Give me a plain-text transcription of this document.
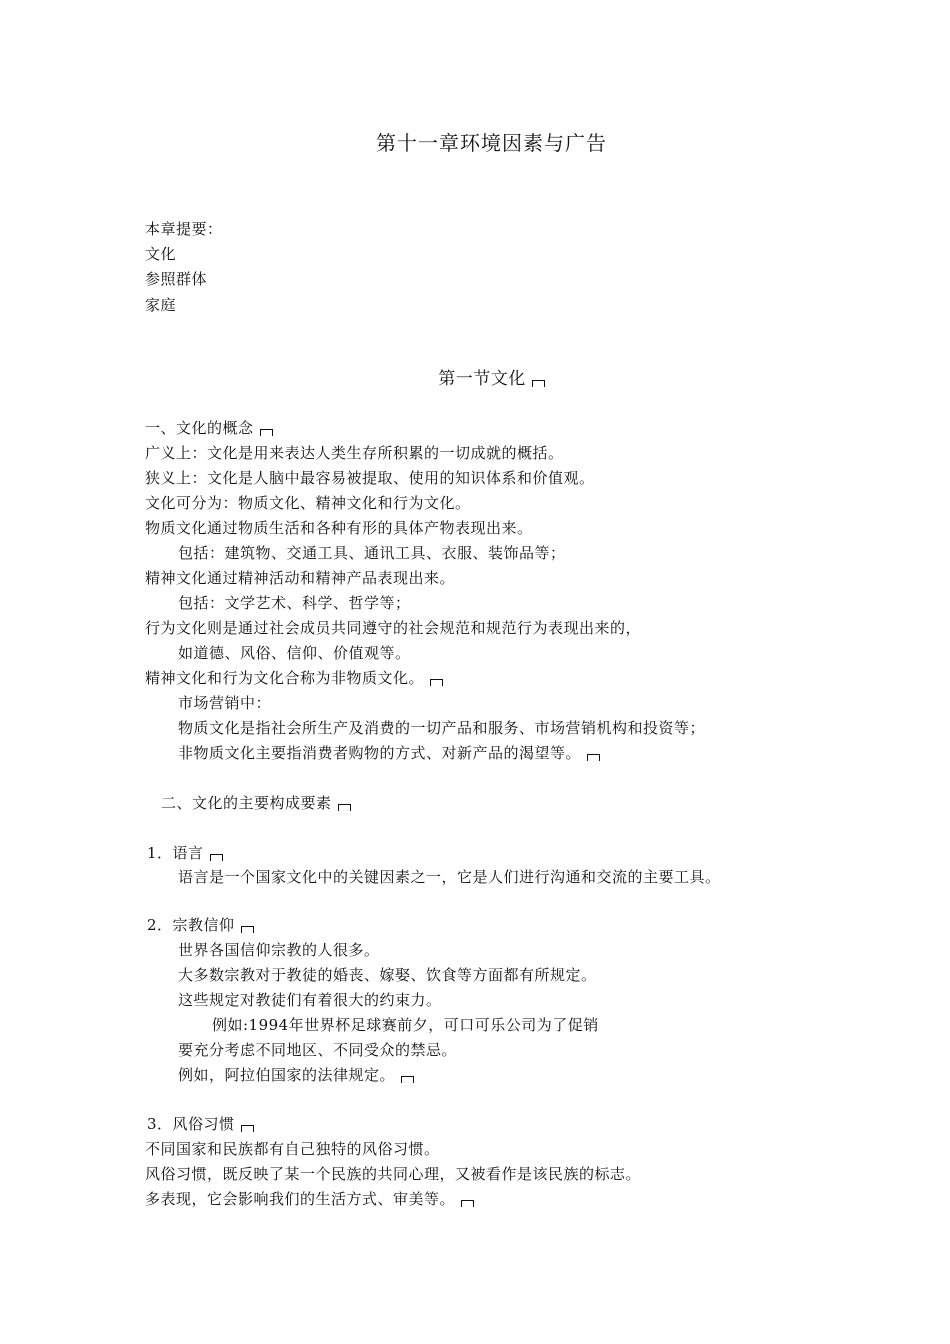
第十一章环境因素与广告
本章提要：
文化
参照群体
家庭
第一节文化
一、文化的概念
广义上：文化是用来表达人类生存所积累的一切成就的概括。
狭义上：文化是人脑中最容易被提取、使用的知识体系和价值观。
文化可分为：物质文化、精神文化和行为文化。
物质文化通过物质生活和各种有形的具体产物表现出来。
包括：建筑物、交通工具、通讯工具、衣服、装饰品等；
精神文化通过精神活动和精神产品表现出来。
包括：文学艺术、科学、哲学等；
行为文化则是通过社会成员共同遵守的社会规范和规范行为表现出来的，
如道德、风俗、信仰、价值观等。
精神文化和行为文化合称为非物质文化。
市场营销中：
物质文化是指社会所生产及消费的一切产品和服务、市场营销机构和投资等；
非物质文化主要指消费者购物的方式、对新产品的渴望等。
二、文化的主要构成要素
1．语言
语言是一个国家文化中的关键因素之一，它是人们进行沟通和交流的主要工具。
2．宗教信仰
世界各国信仰宗教的人很多。
大多数宗教对于教徒的婚丧、嫁娶、饮食等方面都有所规定。
这些规定对教徒们有着很大的约束力。
例如:1994年世界杯足球赛前夕，可口可乐公司为了促销
要充分考虑不同地区、不同受众的禁忌。
例如，阿拉伯国家的法律规定。
3．风俗习惯
不同国家和民族都有自己独特的风俗习惯。
风俗习惯，既反映了某一个民族的共同心理，又被看作是该民族的标志。
多表现，它会影响我们的生活方式、审美等。
